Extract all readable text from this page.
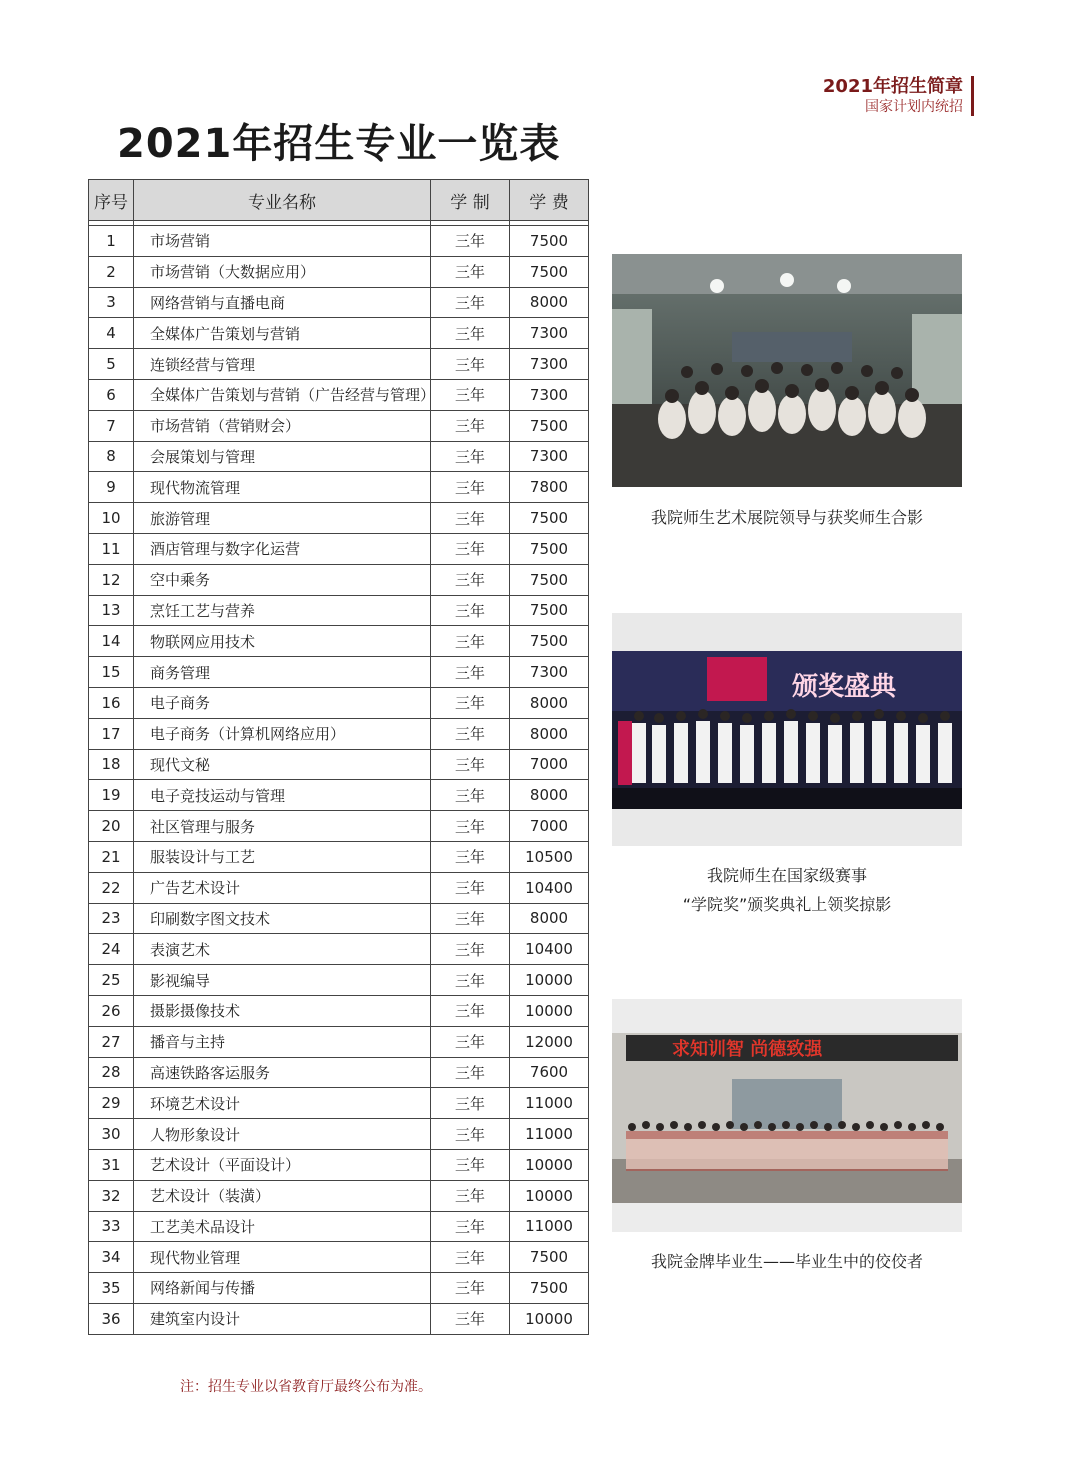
2021年招生简章
国家计划内统招
2021年招生专业一览表
序号	专业名称	学 制	学 费

1	市场营销	三年	7500
2	市场营销（大数据应用）	三年	7500
3	网络营销与直播电商	三年	8000
4	全媒体广告策划与营销	三年	7300
5	连锁经营与管理	三年	7300
6	全媒体广告策划与营销（广告经营与管理）	三年	7300
7	市场营销（营销财会）	三年	7500
8	会展策划与管理	三年	7300
9	现代物流管理	三年	7800
10	旅游管理	三年	7500
11	酒店管理与数字化运营	三年	7500
12	空中乘务	三年	7500
13	烹饪工艺与营养	三年	7500
14	物联网应用技术	三年	7500
15	商务管理	三年	7300
16	电子商务	三年	8000
17	电子商务（计算机网络应用）	三年	8000
18	现代文秘	三年	7000
19	电子竞技运动与管理	三年	8000
20	社区管理与服务	三年	7000
21	服装设计与工艺	三年	10500
22	广告艺术设计	三年	10400
23	印刷数字图文技术	三年	8000
24	表演艺术	三年	10400
25	影视编导	三年	10000
26	摄影摄像技术	三年	10000
27	播音与主持	三年	12000
28	高速铁路客运服务	三年	7600
29	环境艺术设计	三年	11000
30	人物形象设计	三年	11000
31	艺术设计（平面设计）	三年	10000
32	艺术设计（装潢）	三年	10000
33	工艺美术品设计	三年	11000
34	现代物业管理	三年	7500
35	网络新闻与传播	三年	7500
36	建筑室内设计	三年	10000
注：招生专业以省教育厅最终公布为准。
我院师生艺术展院领导与获奖师生合影
颁奖盛典
我院师生在国家级赛事
“学院奖”颁奖典礼上领奖掠影
求知训智 尚德致强
我院金牌毕业生——毕业生中的佼佼者
